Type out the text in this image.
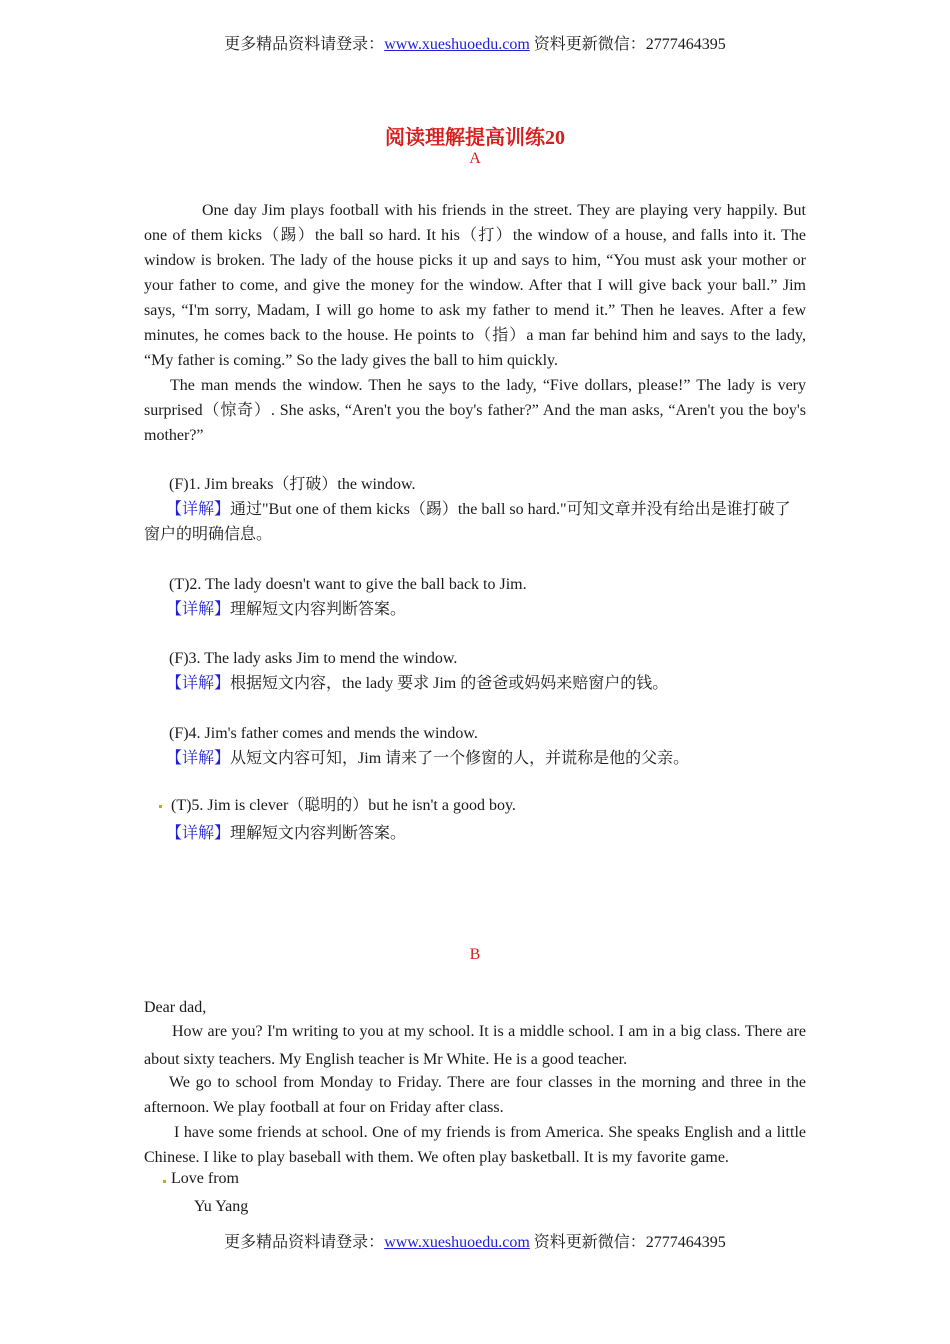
更多精品资料请登录：www.xueshuoedu.com 资料更新微信：2777464395
阅读理解提高训练20
A

One day Jim plays football with his friends in the street. They are playing very happily. But one of them kicks（踢）the ball so hard. It his（打）the window of a house, and falls into it. The window is broken. The lady of the house picks it up and says to him, “You must ask your mother or your father to come, and give the money for the window. After that I will give back your ball.” Jim says, “I'm sorry, Madam, I will go home to ask my father to mend it.” Then he leaves. After a few minutes, he comes back to the house. He points to（指）a man far behind him and says to the lady, “My father is coming.” So the lady gives the ball to him quickly.

The man mends the window. Then he says to the lady, “Five dollars, please!” The lady is very surprised（惊奇）. She asks, “Aren't you the boy's father?” And the man asks, “Aren't you the boy's mother?”

(F)1. Jim breaks（打破）the window.

【详解】通过"But one of them kicks（踢）the ball so hard."可知文章并没有给出是谁打破了窗户的明确信息。

(T)2. The lady doesn't want to give the ball back to Jim.

【详解】理解短文内容判断答案。

(F)3. The lady asks Jim to mend the window.

【详解】根据短文内容，the lady 要求 Jim 的爸爸或妈妈来赔窗户的钱。

(F)4. Jim's father comes and mends the window.

【详解】从短文内容可知，Jim 请来了一个修窗的人，并谎称是他的父亲。

(T)5. Jim is clever（聪明的）but he isn't a good boy.

【详解】理解短文内容判断答案。

B

Dear dad,

How are you? I'm writing to you at my school. It is a middle school. I am in a big class. There are about sixty teachers. My English teacher is Mr White. He is a good teacher.

We go to school from Monday to Friday. There are four classes in the morning and three in the afternoon. We play football at four on Friday after class.

I have some friends at school. One of my friends is from America. She speaks English and a little Chinese. I like to play baseball with them. We often play basketball. It is my favorite game.

Love from

Yu Yang

更多精品资料请登录：www.xueshuoedu.com 资料更新微信：2777464395
